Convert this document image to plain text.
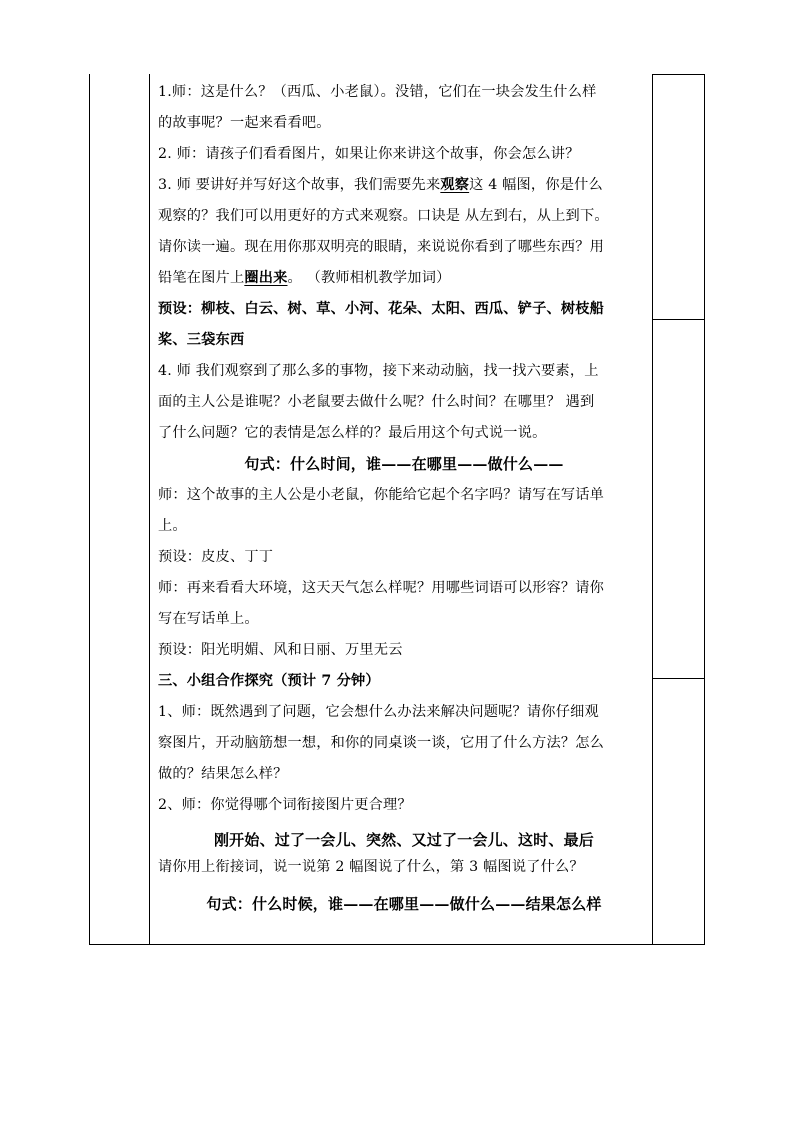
1.师：这是什么？（西瓜、小老鼠）。没错，它们在一块会发生什么样
的故事呢？一起来看看吧。
2. 师：请孩子们看看图片，如果让你来讲这个故事，你会怎么讲？
3. 师 要讲好并写好这个故事，我们需要先来观察这 4 幅图，你是什么
观察的？我们可以用更好的方式来观察。口诀是 从左到右，从上到下。
请你读一遍。现在用你那双明亮的眼睛，来说说你看到了哪些东西？用
铅笔在图片上圈出来。 （教师相机教学加词）
预设：柳枝、白云、树、草、小河、花朵、太阳、西瓜、铲子、树枝船
桨、三袋东西
4. 师 我们观察到了那么多的事物，接下来动动脑，找一找六要素，上
面的主人公是谁呢？小老鼠要去做什么呢？什么时间？在哪里？ 遇到
了什么问题？它的表情是怎么样的？最后用这个句式说一说。
句式：什么时间，谁——在哪里——做什么——
师：这个故事的主人公是小老鼠，你能给它起个名字吗？请写在写话单
上。
预设：皮皮、丁丁
师：再来看看大环境，这天天气怎么样呢？用哪些词语可以形容？请你
写在写话单上。
预设：阳光明媚、风和日丽、万里无云
三、小组合作探究（预计 7 分钟）
1、师：既然遇到了问题，它会想什么办法来解决问题呢？请你仔细观
察图片，开动脑筋想一想，和你的同桌谈一谈，它用了什么方法？怎么
做的？结果怎么样？
2、师：你觉得哪个词衔接图片更合理？
刚开始、过了一会儿、突然、又过了一会儿、这时、最后
请你用上衔接词，说一说第 2 幅图说了什么，第 3 幅图说了什么？
句式：什么时候，谁——在哪里——做什么——结果怎么样
